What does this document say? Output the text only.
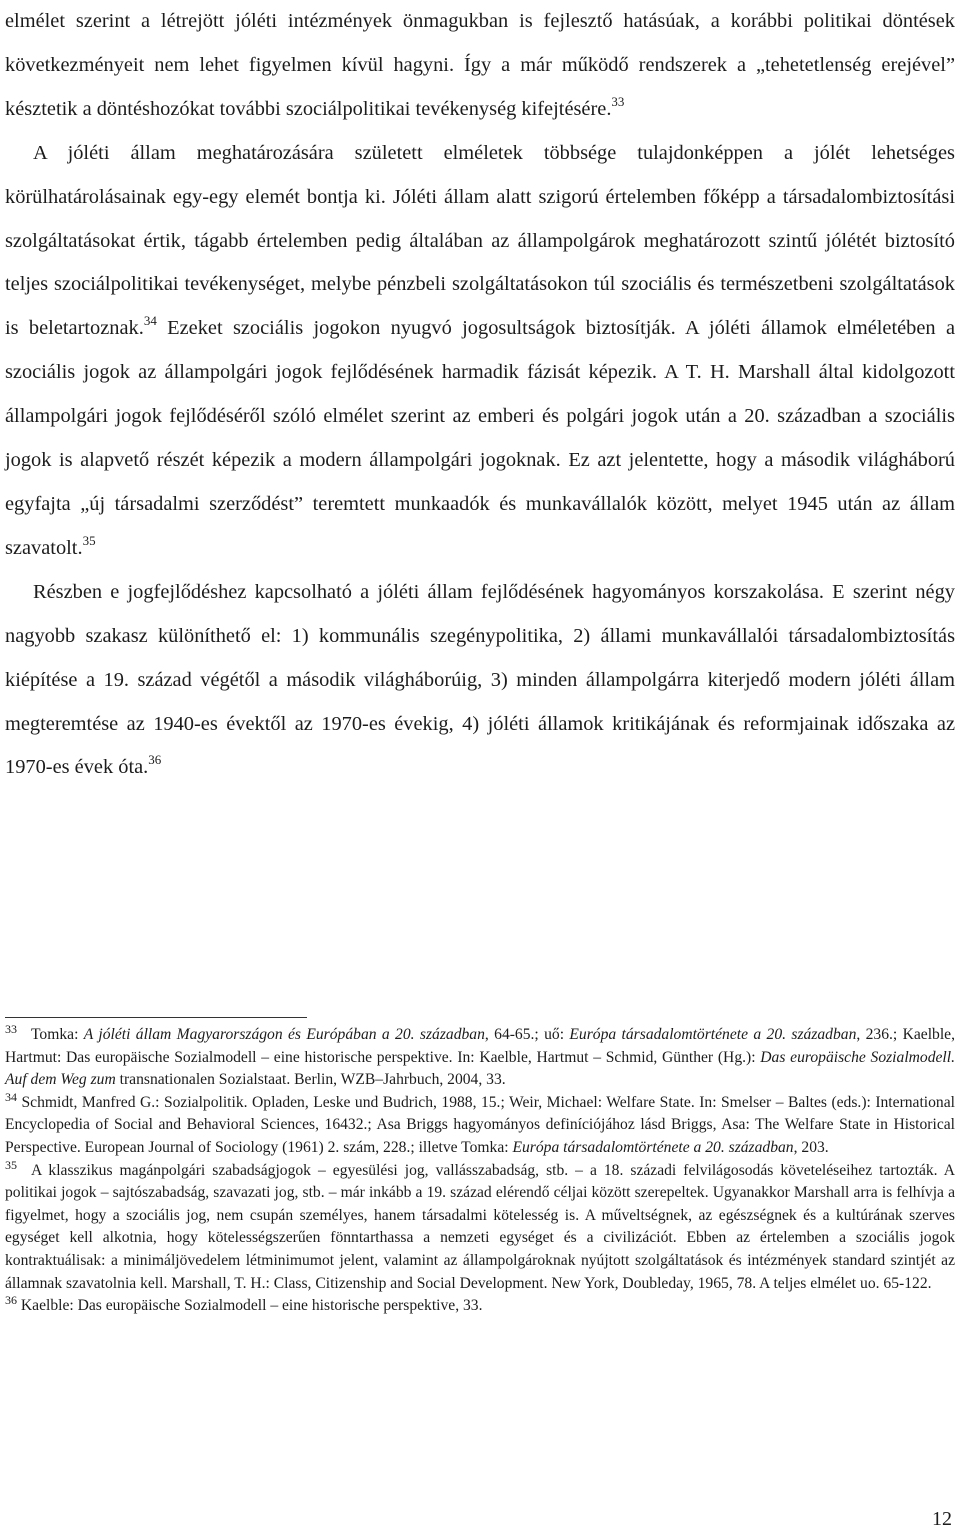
elmélet szerint a létrejött jóléti intézmények önmagukban is fejlesztő hatásúak, a korábbi politikai döntések következményeit nem lehet figyelmen kívül hagyni. Így a már működő rendszerek a „tehetetlenség erejével” késztetik a döntéshozókat további szociálpolitikai tevékenység kifejtésére.$^{33}$

A jóléti állam meghatározására született elméletek többsége tulajdonképpen a jólét lehetséges körülhatárolásainak egy-egy elemét bontja ki. Jóléti állam alatt szigorú értelemben főképp a társadalombiztosítási szolgáltatásokat értik, tágabb értelemben pedig általában az állampolgárok meghatározott szintű jólétét biztosító teljes szociálpolitikai tevékenységet, melybe pénzbeli szolgáltatásokon túl szociális és természetbeni szolgáltatások is beletartoznak.$^{34}$ Ezeket szociális jogokon nyugvó jogosultságok biztosítják. A jóléti államok elméletében a szociális jogok az állampolgári jogok fejlődésének harmadik fázisát képezik. A T. H. Marshall által kidolgozott állampolgári jogok fejlődéséről szóló elmélet szerint az emberi és polgári jogok után a 20. században a szociális jogok is alapvető részét képezik a modern állampolgári jogoknak. Ez azt jelentette, hogy a második világháború egyfajta „új társadalmi szerződést” teremtett munkaadók és munkavállalók között, melyet 1945 után az állam szavatolt.$^{35}$

Részben e jogfejlődéshez kapcsolható a jóléti állam fejlődésének hagyományos korszakolása. E szerint négy nagyobb szakasz különíthető el: 1) kommunális szegénypolitika, 2) állami munkavállalói társadalombiztosítás kiépítése a 19. század végétől a második világháborúig, 3) minden állampolgárra kiterjedő modern jóléti állam megteremtése az 1940-es évektől az 1970-es évekig, 4) jóléti államok kritikájának és reformjainak időszaka az 1970-es évek óta.$^{36}$

$^{33}$ Tomka: A jóléti állam Magyarországon és Európában a 20. században, 64-65.; uő: Európa társadalomtörténete a 20. században, 236.; Kaelble, Hartmut: Das europäische Sozialmodell – eine historische perspektive. In: Kaelble, Hartmut – Schmid, Günther (Hg.): Das europäische Sozialmodell. Auf dem Weg zum transnationalen Sozialstaat. Berlin, WZB–Jahrbuch, 2004, 33.

$^{34}$ Schmidt, Manfred G.: Sozialpolitik. Opladen, Leske und Budrich, 1988, 15.; Weir, Michael: Welfare State. In: Smelser – Baltes (eds.): International Encyclopedia of Social and Behavioral Sciences, 16432.; Asa Briggs hagyományos definíciójához lásd Briggs, Asa: The Welfare State in Historical Perspective. European Journal of Sociology (1961) 2. szám, 228.; illetve Tomka: Európa társadalomtörténete a 20. században, 203.

$^{35}$ A klasszikus magánpolgári szabadságjogok – egyesülési jog, vallásszabadság, stb. – a 18. századi felvilágosodás követeléseihez tartozták. A politikai jogok – sajtószabadság, szavazati jog, stb. – már inkább a 19. század elérendő céljai között szerepeltek. Ugyanakkor Marshall arra is felhívja a figyelmet, hogy a szociális jog, nem csupán személyes, hanem társadalmi kötelesség is. A műveltségnek, az egészségnek és a kultúrának szerves egységet kell alkotnia, hogy kötelességszerűen fönntarthassa a nemzeti egységet és a civilizációt. Ebben az értelemben a szociális jogok kontraktuálisak: a minimáljövedelem létminimumot jelent, valamint az állampolgároknak nyújtott szolgáltatások és intézmények standard szintjét az államnak szavatolnia kell. Marshall, T. H.: Class, Citizenship and Social Development. New York, Doubleday, 1965, 78. A teljes elmélet uo. 65-122.

$^{36}$ Kaelble: Das europäische Sozialmodell – eine historische perspektive, 33.

12
